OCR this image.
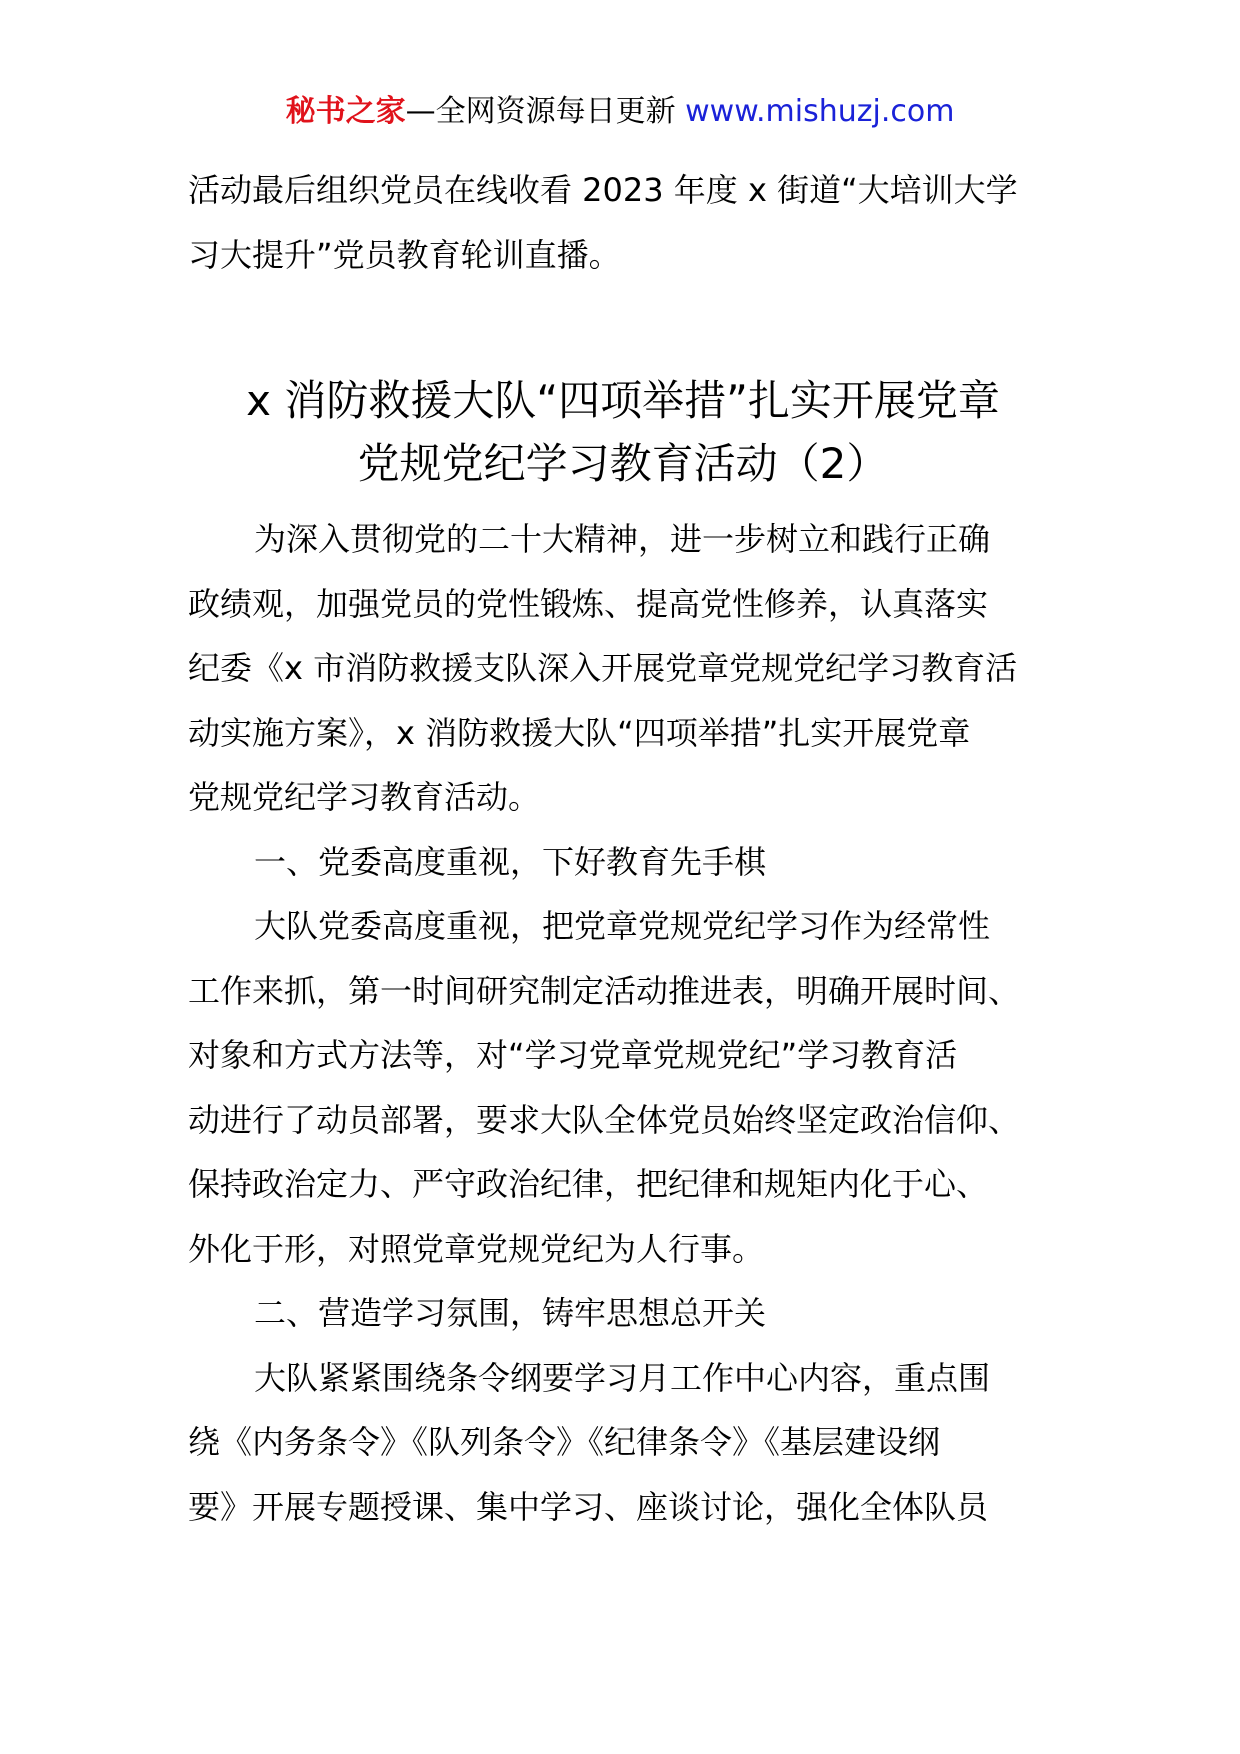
秘书之家—全网资源每日更新 www.mishuzj.com

活动最后组织党员在线收看 2023 年度 x 街道“大培训大学

习大提升”党员教育轮训直播。

x 消防救援大队“四项举措”扎实开展党章

党规党纪学习教育活动（2）

为深入贯彻党的二十大精神，进一步树立和践行正确

政绩观，加强党员的党性锻炼、提高党性修养，认真落实

纪委《x 市消防救援支队深入开展党章党规党纪学习教育活

动实施方案》，x 消防救援大队“四项举措”扎实开展党章

党规党纪学习教育活动。

一、党委高度重视，下好教育先手棋

大队党委高度重视，把党章党规党纪学习作为经常性

工作来抓，第一时间研究制定活动推进表，明确开展时间、

对象和方式方法等，对“学习党章党规党纪”学习教育活

动进行了动员部署，要求大队全体党员始终坚定政治信仰、

保持政治定力、严守政治纪律，把纪律和规矩内化于心、

外化于形，对照党章党规党纪为人行事。

二、营造学习氛围，铸牢思想总开关

大队紧紧围绕条令纲要学习月工作中心内容，重点围

绕《内务条令》《队列条令》《纪律条令》《基层建设纲

要》开展专题授课、集中学习、座谈讨论，强化全体队员
